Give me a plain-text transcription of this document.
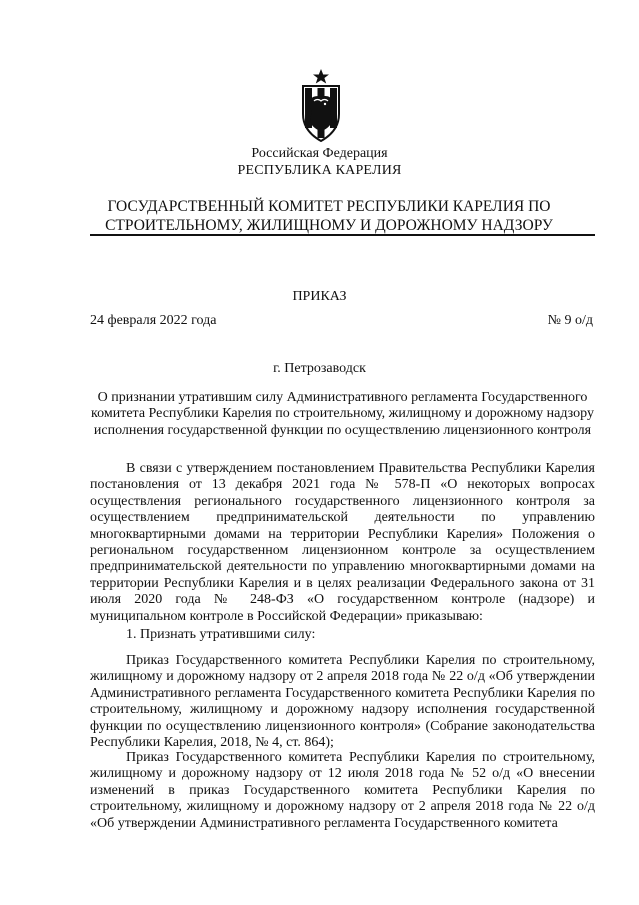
Российская Федерация
РЕСПУБЛИКА КАРЕЛИЯ
ГОСУДАРСТВЕННЫЙ КОМИТЕТ РЕСПУБЛИКИ КАРЕЛИЯ ПО СТРОИТЕЛЬНОМУ, ЖИЛИЩНОМУ И ДОРОЖНОМУ НАДЗОРУ
ПРИКАЗ
24 февраля 2022 года	№ 9 о/д
г. Петрозаводск
О признании утратившим силу Административного регламента Государственного комитета Республики Карелия по строительному, жилищному и дорожному надзору исполнения государственной функции по осуществлению лицензионного контроля

В связи с утверждением постановлением Правительства Республики Карелия постановления от 13 декабря 2021 года № 578-П «О некоторых вопросах осуществления регионального государственного лицензионного контроля за осуществлением предпринимательской деятельности по управлению многоквартирными домами на территории Республики Карелия» Положения о региональном государственном лицензионном контроле за осуществлением предпринимательской деятельности по управлению многоквартирными домами на территории Республики Карелия и в целях реализации Федерального закона от 31 июля 2020 года № 248-ФЗ «О государственном контроле (надзоре) и муниципальном контроле в Российской Федерации» приказываю:

1. Признать утратившими силу:

Приказ Государственного комитета Республики Карелия по строительному, жилищному и дорожному надзору от 2 апреля 2018 года № 22 о/д «Об утверждении Административного регламента Государственного комитета Республики Карелия по строительному, жилищному и дорожному надзору исполнения государственной функции по осуществлению лицензионного контроля» (Собрание законодательства Республики Карелия, 2018, № 4, ст. 864);

Приказ Государственного комитета Республики Карелия по строительному, жилищному и дорожному надзору от 12 июля 2018 года № 52 о/д «О внесении изменений в приказ Государственного комитета Республики Карелия по строительному, жилищному и дорожному надзору от 2 апреля 2018 года № 22 о/д «Об утверждении Административного регламента Государственного комитета
